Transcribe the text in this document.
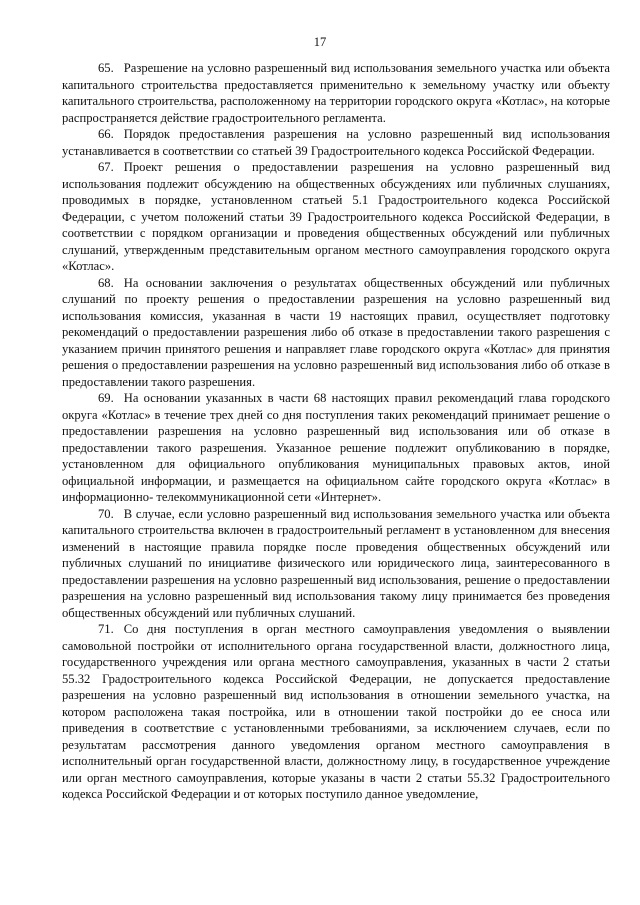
17

65. Разрешение на условно разрешенный вид использования земельного участка или объекта капитального строительства предоставляется применительно к земельному участку или объекту капитального строительства, расположенному на территории городского округа «Котлас», на которые распространяется действие градостроительного регламента.

66. Порядок предоставления разрешения на условно разрешенный вид использования устанавливается в соответствии со статьей 39 Градостроительного кодекса Российской Федерации.

67. Проект решения о предоставлении разрешения на условно разрешенный вид использования подлежит обсуждению на общественных обсуждениях или публичных слушаниях, проводимых в порядке, установленном статьей 5.1 Градостроительного кодекса Российской Федерации, с учетом положений статьи 39 Градостроительного кодекса Российской Федерации, в соответствии с порядком организации и проведения общественных обсуждений или публичных слушаний, утвержденным представительным органом местного самоуправления городского округа «Котлас».

68. На основании заключения о результатах общественных обсуждений или публичных слушаний по проекту решения о предоставлении разрешения на условно разрешенный вид использования комиссия, указанная в части 19 настоящих правил, осуществляет подготовку рекомендаций о предоставлении разрешения либо об отказе в предоставлении такого разрешения с указанием причин принятого решения и направляет главе городского округа «Котлас» для принятия решения о предоставлении разрешения на условно разрешенный вид использования либо об отказе в предоставлении такого разрешения.

69. На основании указанных в части 68 настоящих правил рекомендаций глава городского округа «Котлас» в течение трех дней со дня поступления таких рекомендаций принимает решение о предоставлении разрешения на условно разрешенный вид использования или об отказе в предоставлении такого разрешения. Указанное решение подлежит опубликованию в порядке, установленном для официального опубликования муниципальных правовых актов, иной официальной информации, и размещается на официальном сайте городского округа «Котлас» в информационно- телекоммуникационной сети «Интернет».

70. В случае, если условно разрешенный вид использования земельного участка или объекта капитального строительства включен в градостроительный регламент в установленном для внесения изменений в настоящие правила порядке после проведения общественных обсуждений или публичных слушаний по инициативе физического или юридического лица, заинтересованного в предоставлении разрешения на условно разрешенный вид использования, решение о предоставлении разрешения на условно разрешенный вид использования такому лицу принимается без проведения общественных обсуждений или публичных слушаний.

71. Со дня поступления в орган местного самоуправления уведомления о выявлении самовольной постройки от исполнительного органа государственной власти, должностного лица, государственного учреждения или органа местного самоуправления, указанных в части 2 статьи 55.32 Градостроительного кодекса Российской Федерации, не допускается предоставление разрешения на условно разрешенный вид использования в отношении земельного участка, на котором расположена такая постройка, или в отношении такой постройки до ее сноса или приведения в соответствие с установленными требованиями, за исключением случаев, если по результатам рассмотрения данного уведомления органом местного самоуправления в исполнительный орган государственной власти, должностному лицу, в государственное учреждение или орган местного самоуправления, которые указаны в части 2 статьи 55.32 Градостроительного кодекса Российской Федерации и от которых поступило данное уведомление,
